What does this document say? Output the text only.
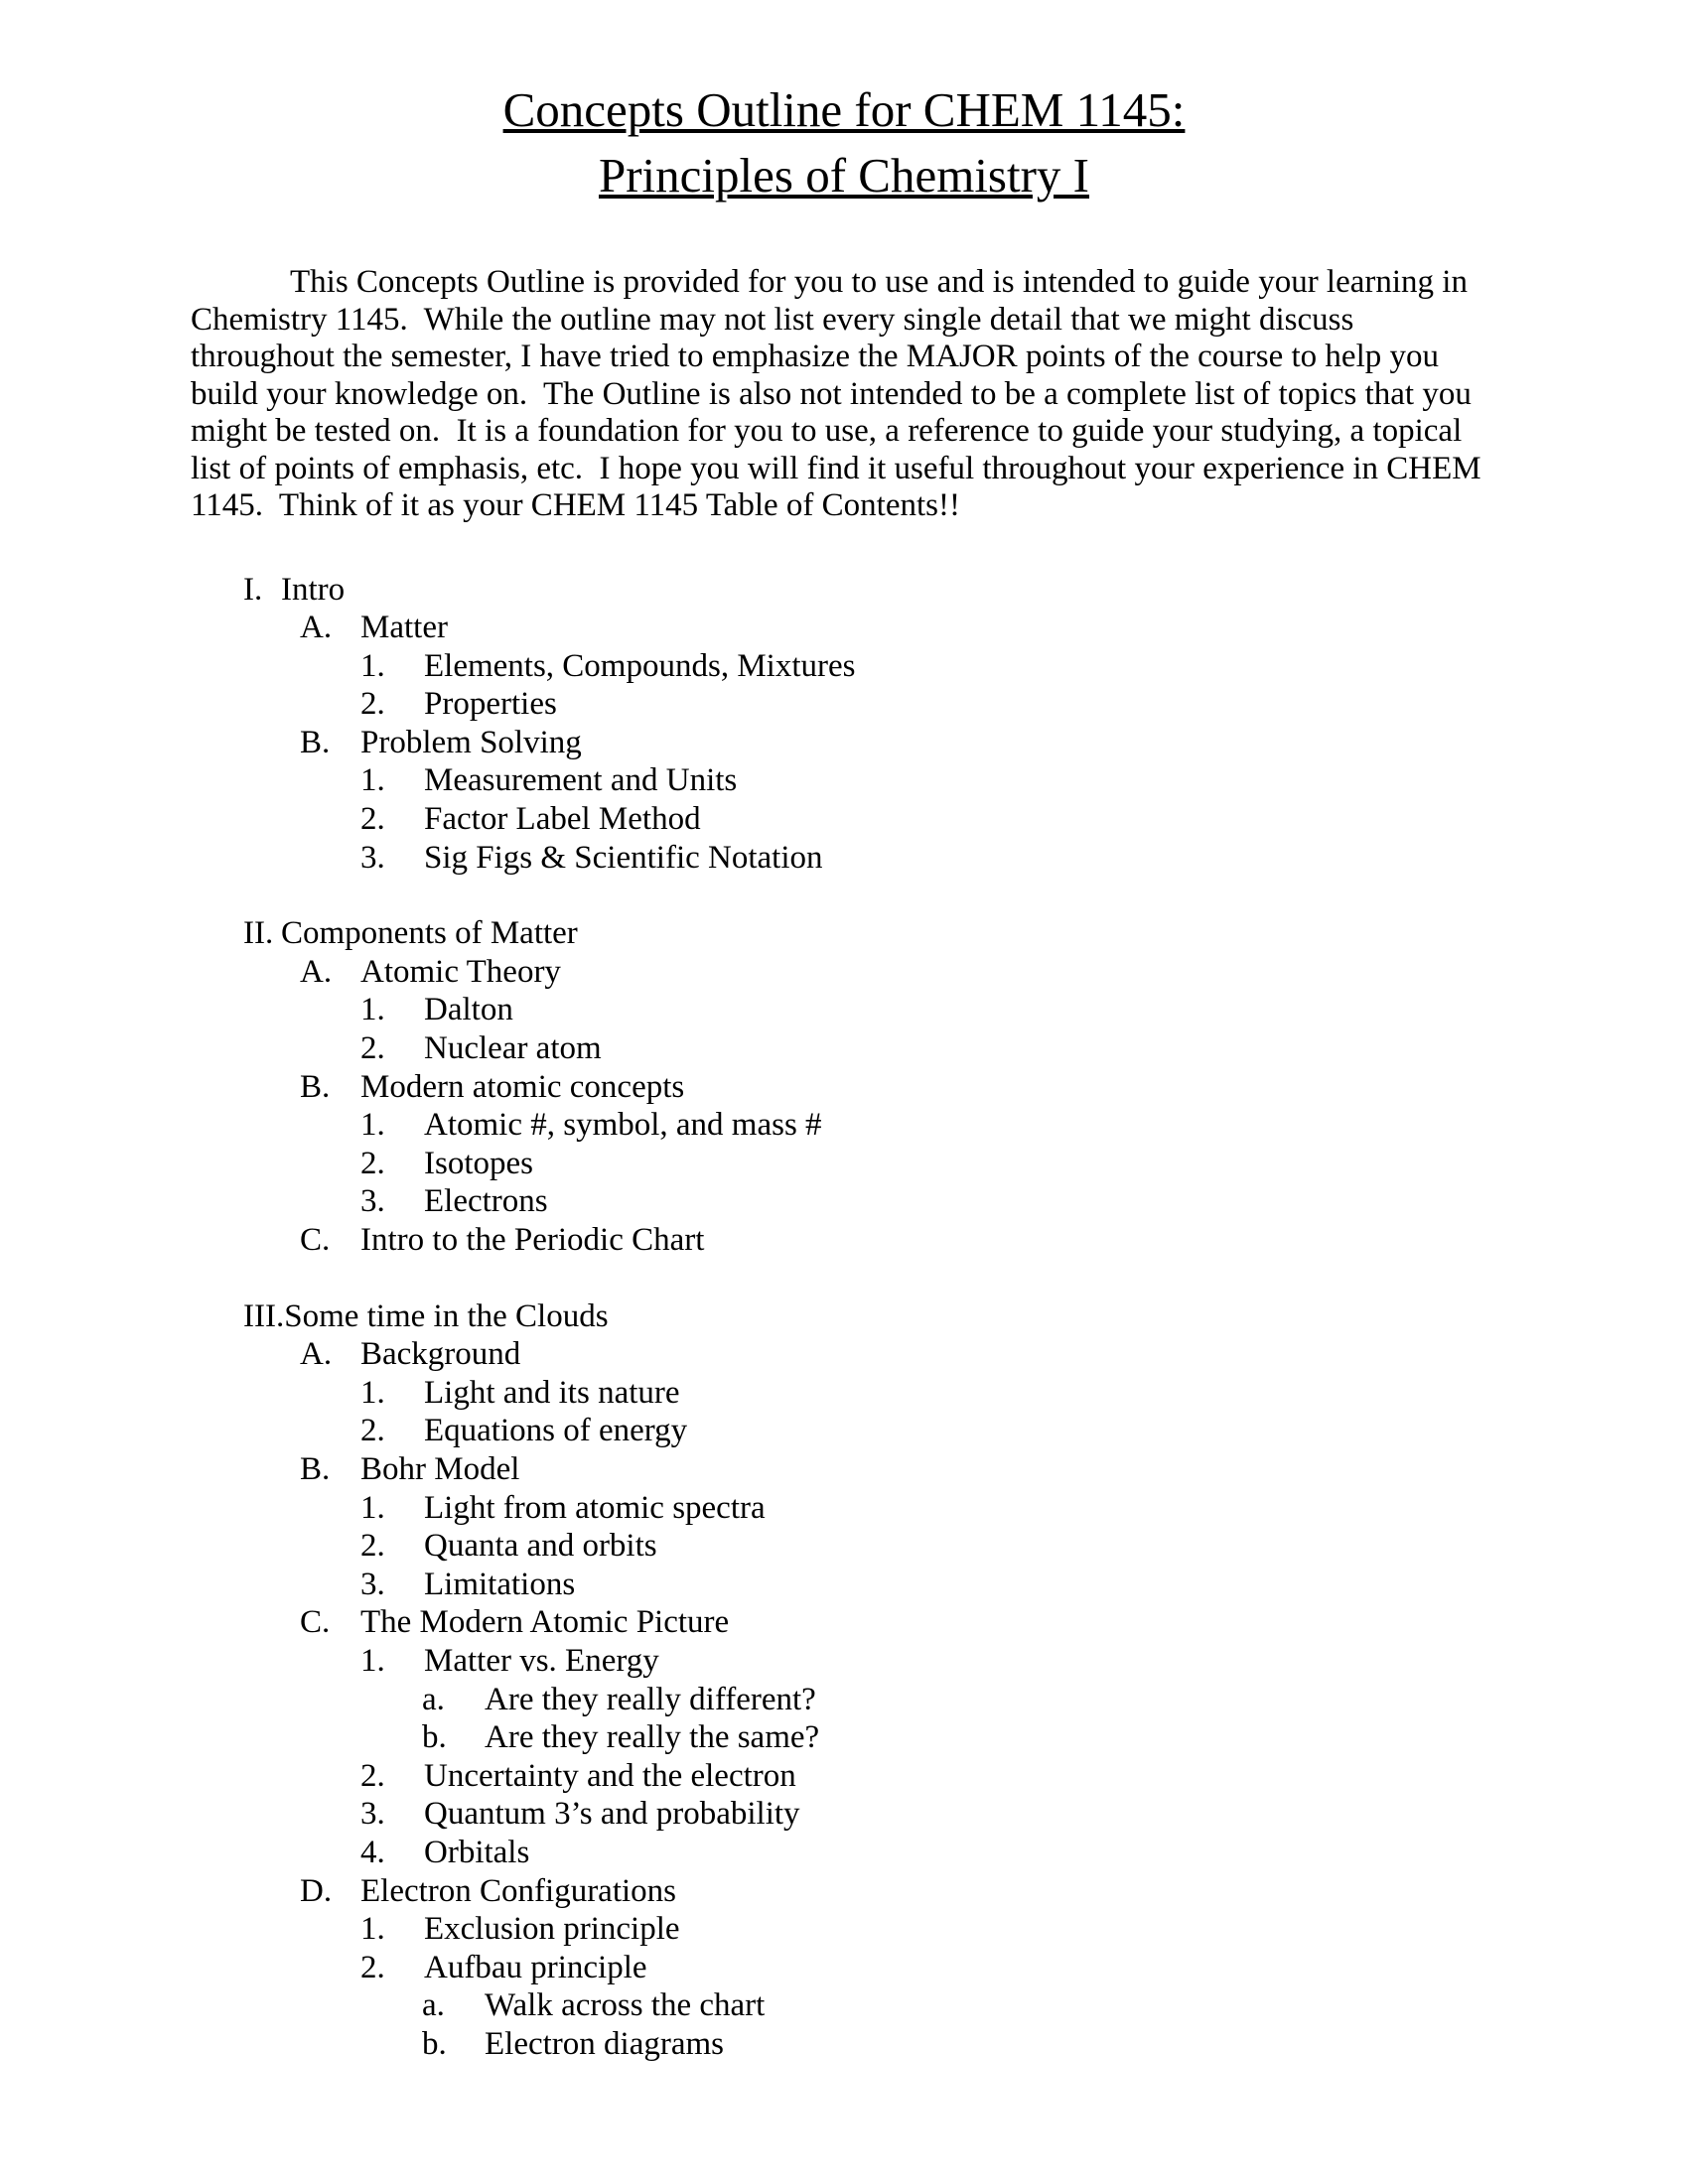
Concepts Outline for CHEM 1145:
Principles of Chemistry I

This Concepts Outline is provided for you to use and is intended to guide your learning in Chemistry 1145.  While the outline may not list every single detail that we might discuss throughout the semester, I have tried to emphasize the MAJOR points of the course to help you build your knowledge on.  The Outline is also not intended to be a complete list of topics that you might be tested on.  It is a foundation for you to use, a reference to guide your studying, a topical list of points of emphasis, etc.  I hope you will find it useful throughout your experience in CHEM 1145.  Think of it as your CHEM 1145 Table of Contents!!

I. Intro
A. Matter
1. Elements, Compounds, Mixtures
2. Properties
B. Problem Solving
1. Measurement and Units
2. Factor Label Method
3. Sig Figs & Scientific Notation
II. Components of Matter
A. Atomic Theory
1. Dalton
2. Nuclear atom
B. Modern atomic concepts
1. Atomic #, symbol, and mass #
2. Isotopes
3. Electrons
C. Intro to the Periodic Chart
III.Some time in the Clouds
A. Background
1. Light and its nature
2. Equations of energy
B. Bohr Model
1. Light from atomic spectra
2. Quanta and orbits
3. Limitations
C. The Modern Atomic Picture
1. Matter vs. Energy
a. Are they really different?
b. Are they really the same?
2. Uncertainty and the electron
3. Quantum 3’s and probability
4. Orbitals
D. Electron Configurations
1. Exclusion principle
2. Aufbau principle
a. Walk across the chart
b. Electron diagrams
